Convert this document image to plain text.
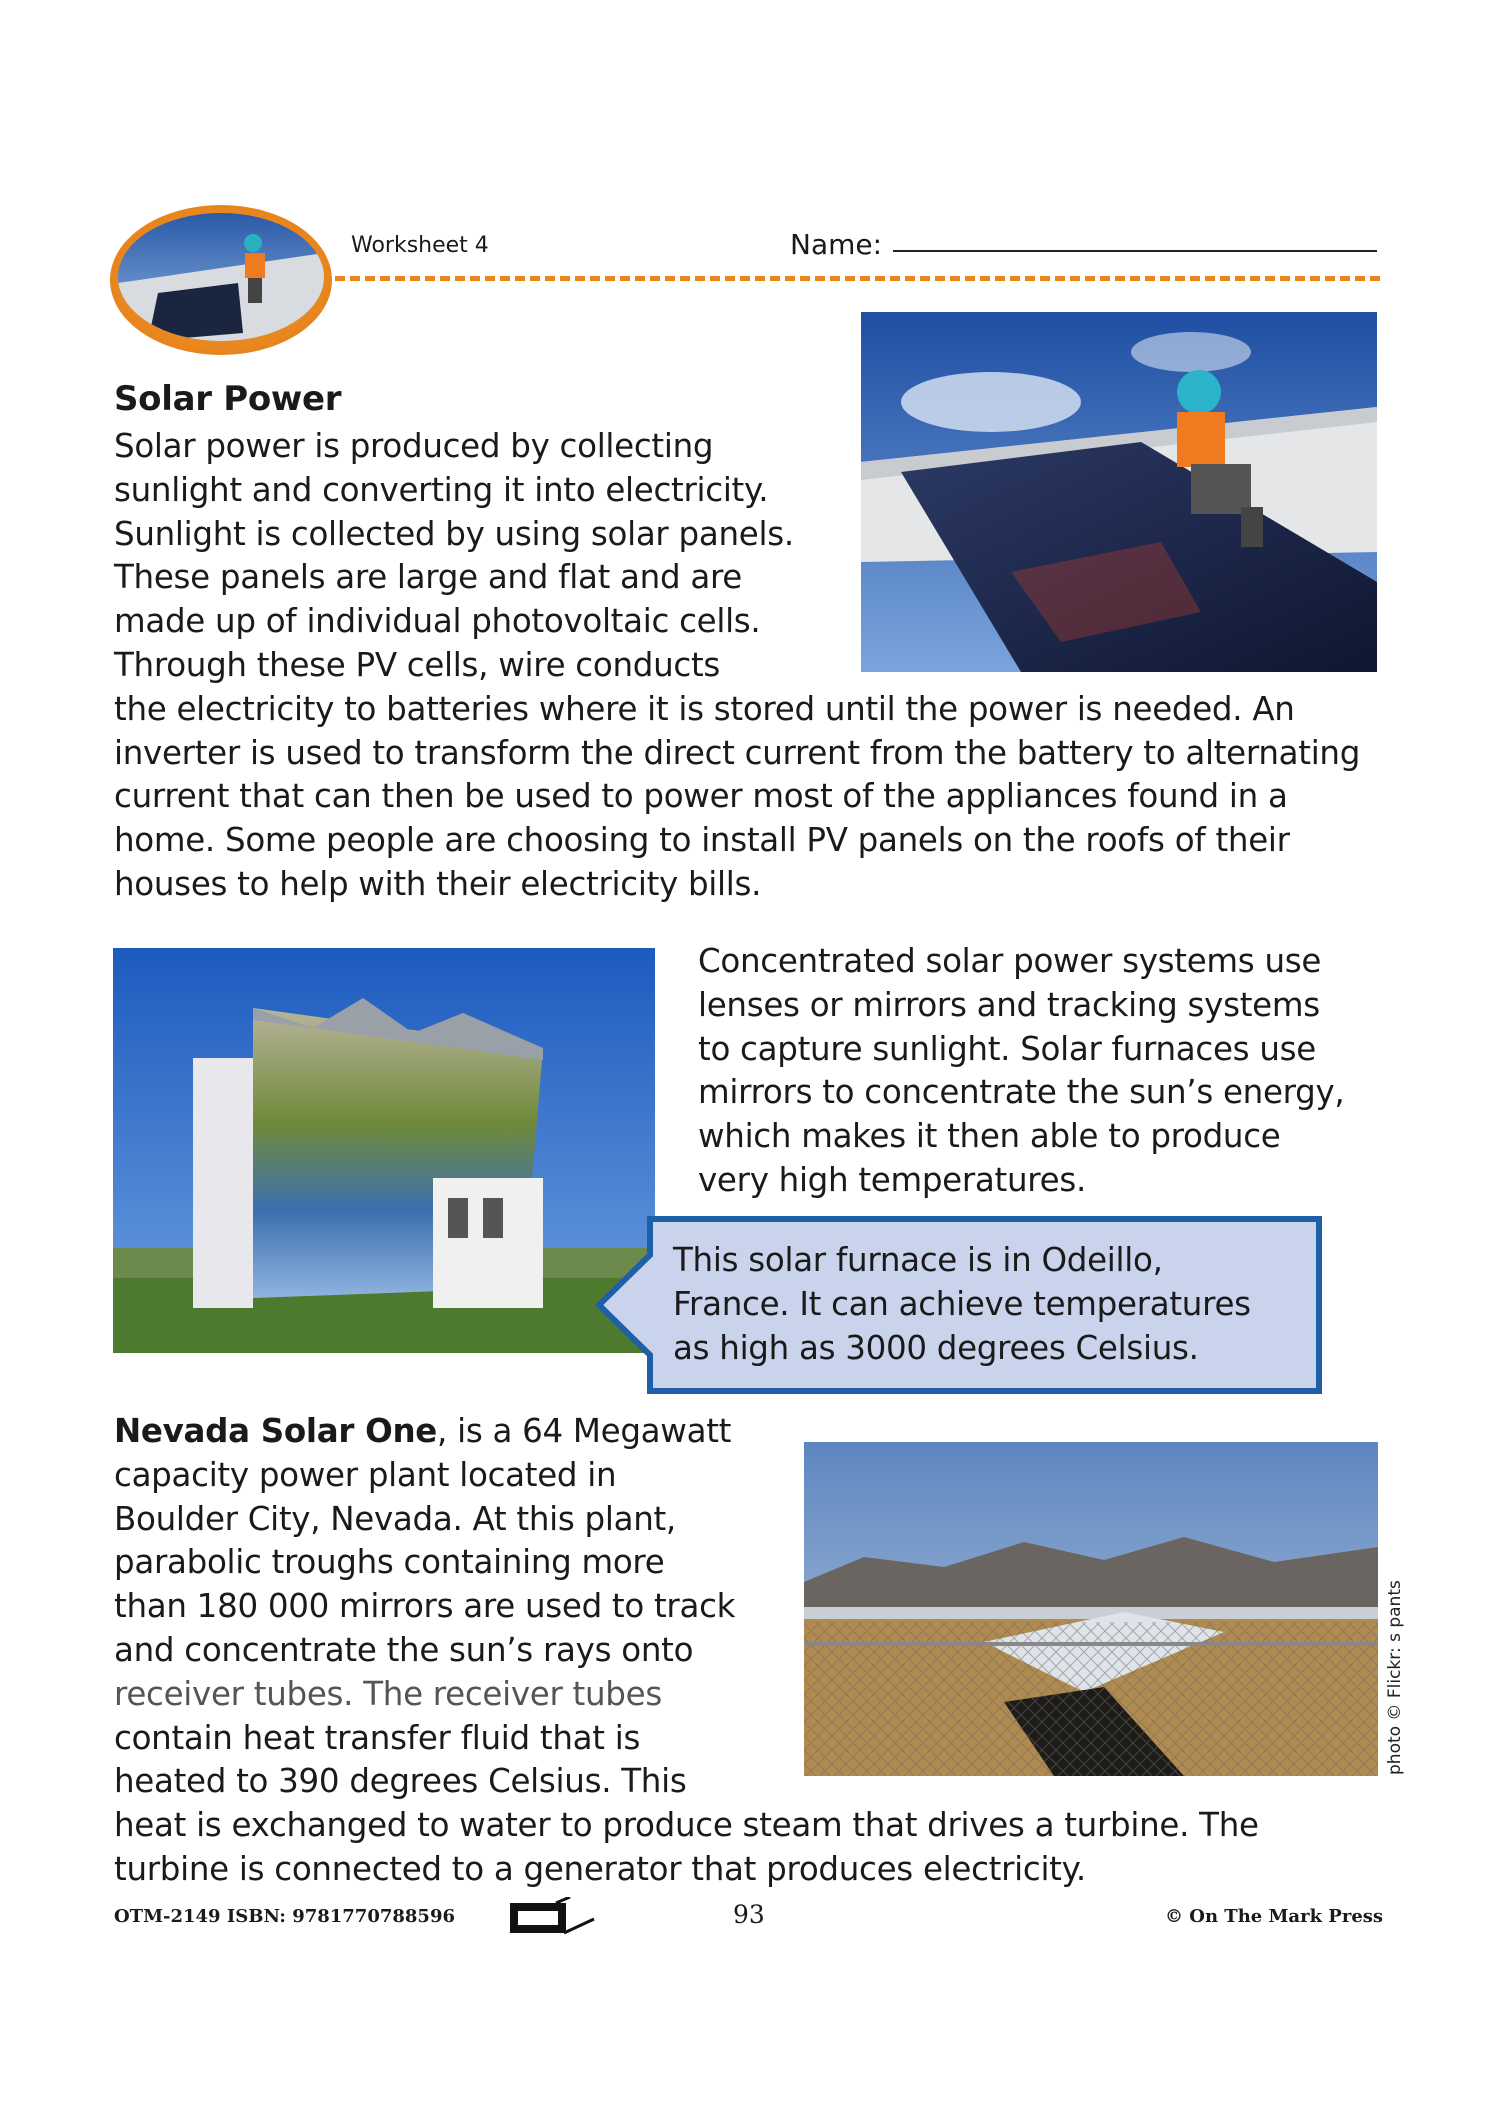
Worksheet 4	Name:
Solar Power
Solar power is produced by collecting
sunlight and converting it into electricity.
Sunlight is collected by using solar panels.
These panels are large and flat and are
made up of individual photovoltaic cells.
Through these PV cells, wire conducts
the electricity to batteries where it is stored until the power is needed. An
inverter is used to transform the direct current from the battery to alternating
current that can then be used to power most of the appliances found in a
home. Some people are choosing to install PV panels on the roofs of their
houses to help with their electricity bills.
Concentrated solar power systems use
lenses or mirrors and tracking systems
to capture sunlight. Solar furnaces use
mirrors to concentrate the sun’s energy,
which makes it then able to produce
very high temperatures.
This solar furnace is in Odeillo,
France. It can achieve temperatures
as high as 3000 degrees Celsius.
Nevada Solar One, is a 64 Megawatt
capacity power plant located in
Boulder City, Nevada. At this plant,
parabolic troughs containing more
than 180 000 mirrors are used to track
and concentrate the sun’s rays onto
receiver tubes. The receiver tubes
contain heat transfer fluid that is
heated to 390 degrees Celsius. This
heat is exchanged to water to produce steam that drives a turbine. The
turbine is connected to a generator that produces electricity.
photo © Flickr: s pants
OTM-2149 ISBN: 9781770788596	93	© On The Mark Press
